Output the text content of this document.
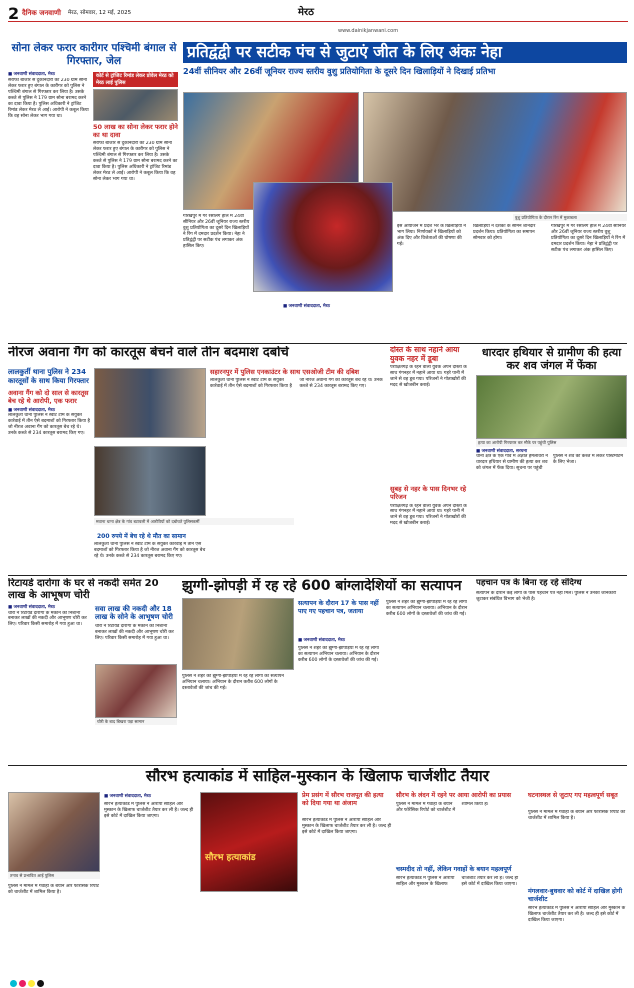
2 दैनिक जनवाणी मेरठ, सोमवार, 12 मई, 2025	मेरठ
www.dainikjanwani.com
सोना लेकर फरार कारीगर पश्चिमी बंगाल से गिरफ्तार, जेल
■ जनवाणी संवाददाता, मेरठ
सराफा बाजार से दुकानदारी का 230 ग्राम सोना लेकर फरार हुए बंगाल के कारीगर को पुलिस ने पश्चिमी बंगाल से गिरफ्तार कर लिया है। उसके कब्जे से पुलिस ने 179 ग्राम सोना बरामद करने का दावा किया है। पुलिस अधिकारी ने ट्रांजिट रिमांड लेकर मेरठ ले आई। आरोपी ने कबूल किया कि वह सोना लेकर भाग गया था।
कोर्ट से ट्रांजिट रिमांड लेकर प्रोवेल मेरठ को मेरठ लाई पुलिस
50 लाख का सोना लेकर फरार होने का था दावा
सराफा बाजार से दुकानदारी का 230 ग्राम सोना लेकर फरार हुए बंगाल के कारीगर को पुलिस ने पश्चिमी बंगाल से गिरफ्तार कर लिया है। उसके कब्जे से पुलिस ने 179 ग्राम सोना बरामद करने का दावा किया है। पुलिस अधिकारी ने ट्रांजिट रिमांड लेकर मेरठ ले आई। आरोपी ने कबूल किया कि वह सोना लेकर भाग गया था।
प्रतिद्वंद्वी पर सटीक पंच से जुटाएं जीत के लिए अंकः नेहा
24वीं सीनियर और 26वीं जूनियर राज्य स्तरीय वुशु प्रतियोगिता के दूसरे दिन खिलाड़ियों ने दिखाई प्रतिभा
वुशु प्रतियोगिता के दौरान रिंग में मुकाबला
गोरखपुर में गैर रेसलिंग हॉल में 24वीं सीनियर और 26वीं जूनियर राज्य स्तरीय वुशु प्रतियोगिता का दूसरे दिन खिलाड़ियों ने रिंग में दमदार प्रदर्शन किया। नेहा ने प्रतिद्वंद्वी पर सटीक पंच लगाकर अंक हासिल किए।
इस आयोजन में प्रदेश भर के खिलाड़ियों ने भाग लिया। निर्णायकों ने खिलाड़ियों को अंक दिए और विजेताओं की घोषणा की गई।
खिलाड़ियों ने दर्शकों के सामने शानदार प्रदर्शन किया। प्रतियोगिता का समापन सोमवार को होगा।
गोरखपुर में गैर रेसलिंग हॉल में 24वीं सीनियर और 26वीं जूनियर राज्य स्तरीय वुशु प्रतियोगिता का दूसरे दिन खिलाड़ियों ने रिंग में दमदार प्रदर्शन किया। नेहा ने प्रतिद्वंद्वी पर सटीक पंच लगाकर अंक हासिल किए।
■ जनवाणी संवाददाता, मेरठ
नीरज अवाना गैंग को कारतूस बेचने वाले तीन बदमाश दबोचे
लालकुर्ती थाना पुलिस ने 234 कारतूसों के साथ किया गिरफ्तार
अवाना गैंग को दो साल से कारतूस बेच रहे थे आरोपी, एक फरार
■ जनवाणी संवाददाता, मेरठ
लालकुर्ती थाना पुलिस ने स्वॉट टीम के संयुक्त कार्रवाई में तीन ऐसे बदमाशों को गिरफ्तार किया है जो नीरज अवाना गैंग को कारतूस बेच रहे थे। उनके कब्जे से 234 कारतूस बरामद किए गए।
मवाना थाना क्षेत्र के गांव बटावली में आरोपियों को दबोचते पुलिसकर्मी
200 रुपये में बेच रहे थे मौत का सामान
लालकुर्ती थाना पुलिस ने स्वॉट टीम के संयुक्त कार्रवाई में तीन ऐसे बदमाशों को गिरफ्तार किया है जो नीरज अवाना गैंग को कारतूस बेच रहे थे। उनके कब्जे से 234 कारतूस बरामद किए गए।
सहारनपुर में पुलिस एनकाउंटर के साथ एसओजी टीम की दबिश
लालकुर्ती थाना पुलिस ने स्वॉट टीम के संयुक्त कार्रवाई में तीन ऐसे बदमाशों को गिरफ्तार किया है जो नीरज अवाना गैंग को कारतूस बेच रहे थे। उनके कब्जे से 234 कारतूस बरामद किए गए।
दोस्त के साथ नहाने आया युवक नहर में डूबा
परीक्षितगढ़ के रहने वाला युवक अपने दोस्तों के साथ गंगनहर में नहाने आया था। गहरे पानी में जाने से वह डूब गया। परिजनों ने गोताखोरों की मदद से खोजबीन कराई।
सुबह से नहर के पास दिनभर रहे परिजन
परीक्षितगढ़ के रहने वाला युवक अपने दोस्तों के साथ गंगनहर में नहाने आया था। गहरे पानी में जाने से वह डूब गया। परिजनों ने गोताखोरों की मदद से खोजबीन कराई।
धारदार हथियार से ग्रामीण की हत्या कर शव जंगल में फेंका
हत्या का आरोपी गिरफ्तार कर मौके पर पहुंची पुलिस
■ जनवाणी संवाददाता, सरधना
थाना क्षेत्र के एक गांव में अज्ञात हमलावरों ने धारदार हथियार से ग्रामीण की हत्या कर शव को जंगल में फेंक दिया। सूचना पर पहुंची पुलिस ने शव को कब्जे में लेकर पोस्टमार्टम के लिए भेजा।
रिटायर्ड दारोगा के घर से नकदी समेत 20 लाख के आभूषण चोरी
■ जनवाणी संवाददाता, मेरठ
चोरों ने रिटायर्ड दारोगा के मकान को निशाना बनाकर लाखों की नकदी और आभूषण चोरी कर लिए। परिवार किसी समारोह में गया हुआ था।
सवा लाख की नकदी और 18 लाख के सोने के आभूषण चोरी
चोरों ने रिटायर्ड दारोगा के मकान को निशाना बनाकर लाखों की नकदी और आभूषण चोरी कर लिए। परिवार किसी समारोह में गया हुआ था।
चोरी के बाद बिखरा पड़ा सामान
झुग्गी-झोपड़ी में रह रहे 600 बांग्लादेशियों का सत्यापन
सत्यापन के दौरान 17 के पास नहीं पाए गए पहचान पत्र, जताया
■ जनवाणी संवाददाता, मेरठ
पुलिस ने शहर की झुग्गी-झोपड़ियों में रह रहे लोगों का सत्यापन अभियान चलाया। अभियान के दौरान करीब 600 लोगों के दस्तावेजों की जांच की गई।
पुलिस ने शहर की झुग्गी-झोपड़ियों में रह रहे लोगों का सत्यापन अभियान चलाया। अभियान के दौरान करीब 600 लोगों के दस्तावेजों की जांच की गई।
पुलिस ने शहर की झुग्गी-झोपड़ियों में रह रहे लोगों का सत्यापन अभियान चलाया। अभियान के दौरान करीब 600 लोगों के दस्तावेजों की जांच की गई।
पहचान पत्र के बिना रह रहे संदिग्ध
सत्यापन के दौरान कई लोगों के पास पहचान पत्र नहीं मिले। पुलिस ने उनकी जानकारी जुटाकर संबंधित विभाग को भेजी है।
सौरभ हत्याकांड में साहिल-मुस्कान के खिलाफ चार्जशीट तैयार
तनाव से प्रभावित आई पुलिस
■ जनवाणी संवाददाता, मेरठ
सौरभ हत्याकांड में पुलिस ने आरोपी साहिल और मुस्कान के खिलाफ चार्जशीट तैयार कर ली है। जल्द ही इसे कोर्ट में दाखिल किया जाएगा।
पुलिस ने मामले में गवाहों के बयान और फोरेंसिक रिपोर्ट को चार्जशीट में शामिल किया है।
सौरभ हत्याकांड
प्रेम प्रसंग में सौरभ राजपूत की हत्या को दिया गया था अंजाम
सौरभ हत्याकांड में पुलिस ने आरोपी साहिल और मुस्कान के खिलाफ चार्जशीट तैयार कर ली है। जल्द ही इसे कोर्ट में दाखिल किया जाएगा।
सौरभ के लंदन में रहने पर आया आरोपी का प्रयास
पुलिस ने मामले में गवाहों के बयान और फोरेंसिक रिपोर्ट को चार्जशीट में शामिल किया है।
चस्मदीद तो नहीं, लेकिन गवाहों के बयान महत्वपूर्ण
सौरभ हत्याकांड में पुलिस ने आरोपी साहिल और मुस्कान के खिलाफ चार्जशीट तैयार कर ली है। जल्द ही इसे कोर्ट में दाखिल किया जाएगा।
घटनास्थल से जुटाए गए महत्वपूर्ण सबूत
पुलिस ने मामले में गवाहों के बयान और फोरेंसिक रिपोर्ट को चार्जशीट में शामिल किया है।
मंगलवार-बुधवार को कोर्ट में दाखिल होगी चार्जशीट
सौरभ हत्याकांड में पुलिस ने आरोपी साहिल और मुस्कान के खिलाफ चार्जशीट तैयार कर ली है। जल्द ही इसे कोर्ट में दाखिल किया जाएगा।
